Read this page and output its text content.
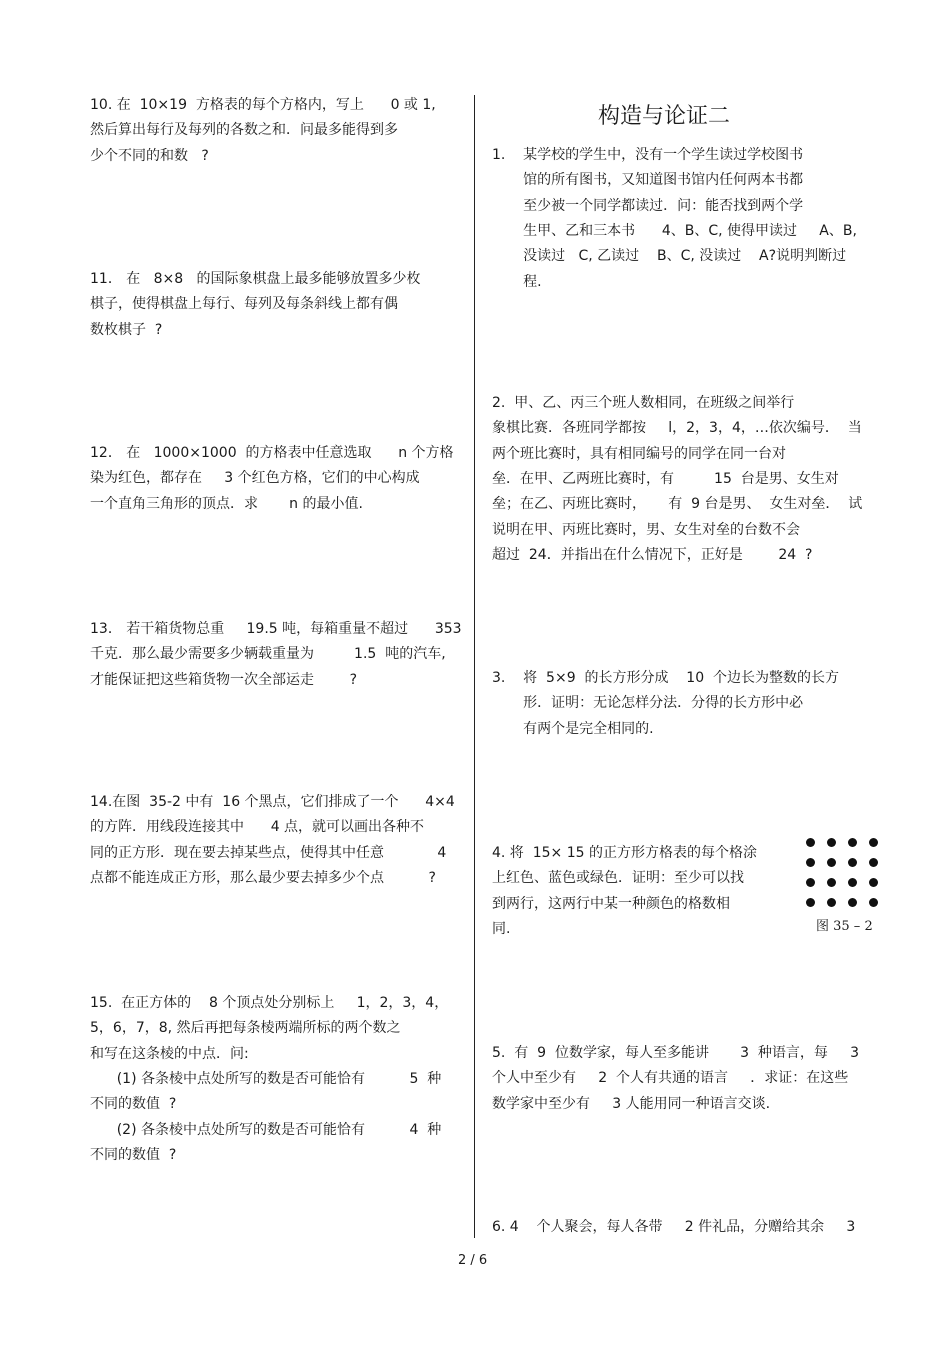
构造与论证二
10. 在  10×19  方格表的每个方格内，写上      0 或 1,
然后算出每行及每列的各数之和．问最多能得到多
少个不同的和数   ?
11． 在   8×8   的国际象棋盘上最多能够放置多少枚
棋子，使得棋盘上每行、每列及每条斜线上都有偶
数枚棋子  ?
12． 在   1000×1000  的方格表中任意选取      n 个方格
染为红色，都存在     3 个红色方格，它们的中心构成
一个直角三角形的顶点．求       n 的最小值.
13． 若干箱货物总重     19.5 吨，每箱重量不超过      353
千克．那么最少需要多少辆载重量为         1.5  吨的汽车,
才能保证把这些箱货物一次全部运走        ?
14.在图  35-2 中有  16 个黑点，它们排成了一个      4×4
的方阵．用线段连接其中      4 点，就可以画出各种不
同的正方形．现在要去掉某些点，使得其中任意            4
点都不能连成正方形，那么最少要去掉多少个点          ?
15.  在正方体的    8 个顶点处分别标上     1，2，3，4，
5，6，7，8, 然后再把每条棱两端所标的两个数之
和写在这条棱的中点．问:
(1) 各条棱中点处所写的数是否可能恰有          5  种
不同的数值  ?
(2) 各条棱中点处所写的数是否可能恰有          4  种
不同的数值  ?
1.    某学校的学生中，没有一个学生读过学校图书
馆的所有图书，又知道图书馆内任何两本书都
至少被一个同学都读过．问：能否找到两个学
生甲、乙和三本书      4、B、C, 使得甲读过     A、B,
没读过   C, 乙读过    B、C, 没读过    A?说明判断过
程.
2.  甲、乙、丙三个班人数相同，在班级之间举行
象棋比赛．各班同学都按     l，2，3，4，…依次编号．  当
两个班比赛时，具有相同编号的同学在同一台对
垒．在甲、乙两班比赛时，有         15  台是男、女生对
垒；在乙、丙班比赛时，     有  9 台是男、  女生对垒．  试
说明在甲、丙班比赛时，男、女生对垒的台数不会
超过  24．并指出在什么情况下，正好是        24  ?
3.    将  5×9  的长方形分成    10  个边长为整数的长方
形．证明：无论怎样分法．分得的长方形中必
有两个是完全相同的.
4. 将  15× 15 的正方形方格表的每个格涂
上红色、蓝色或绿色．证明：至少可以找
到两行，这两行中某一种颜色的格数相
同.
5.  有  9  位数学家，每人至多能讲       3  种语言，每     3
个人中至少有     2  个人有共通的语言     ．求证：在这些
数学家中至少有     3 人能用同一种语言交谈.
6. 4    个人聚会，每人各带     2 件礼品，分赠给其余     3
图 35 – 2
2 / 6
